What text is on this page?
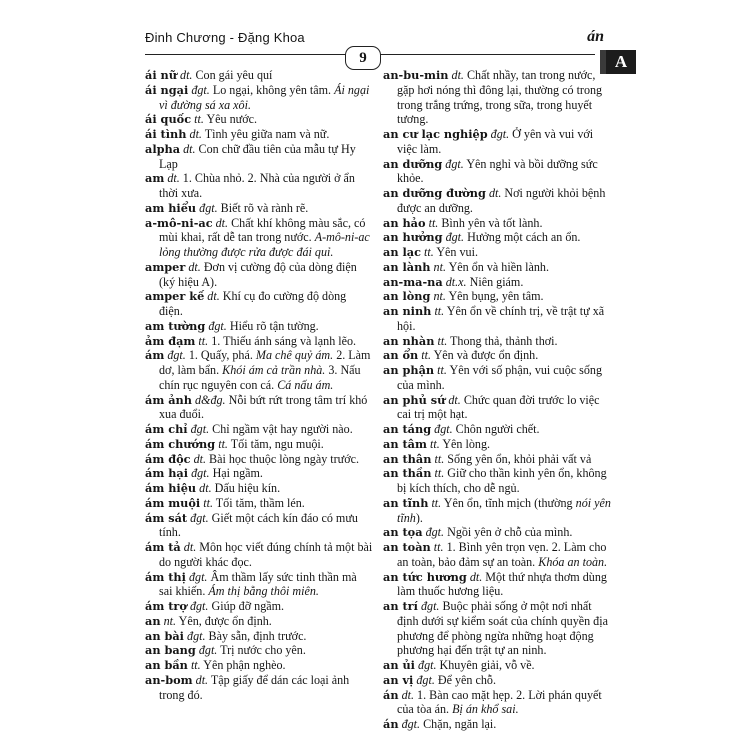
Đinh Chương - Đặng Khoa
9
án
A

ái nữ dt. Con gái yêu quí

ái ngại đgt. Lo ngại, không yên tâm. Ái ngại vì đường sá xa xôi.

ái quốc tt. Yêu nước.

ái tình dt. Tình yêu giữa nam và nữ.

alpha dt. Con chữ đầu tiên của mẫu tự Hy Lạp

am dt. 1. Chùa nhỏ. 2. Nhà của người ở ẩn thời xưa.

am hiểu đgt. Biết rõ và rành rẽ.

a-mô-ni-ac dt. Chất khí không màu sắc, có mùi khai, rất dễ tan trong nước. A-mô-ni-ac lỏng thường được rửa được đái quỉ.

amper dt. Đơn vị cường độ của dòng điện (ký hiệu A).

amper kế dt. Khí cụ đo cường độ dòng điện.

am tường đgt. Hiểu rõ tận tường.

ảm đạm tt. 1. Thiếu ánh sáng và lạnh lẽo.

ám đgt. 1. Quấy, phá. Ma chê quỷ ám. 2. Làm dơ, làm bẩn. Khói ám cả trần nhà. 3. Nấu chín rục nguyên con cá. Cá nấu ám.

ám ảnh d&đg. Nỗi bứt rứt trong tâm trí khó xua đuổi.

ám chỉ đgt. Chỉ ngầm vật hay người nào.

ám chướng tt. Tối tăm, ngu muội.

ám độc dt. Bài học thuộc lòng ngày trước.

ám hại đgt. Hại ngầm.

ám hiệu dt. Dấu hiệu kín.

ám muội tt. Tối tăm, thầm lén.

ám sát đgt. Giết một cách kín đáo có mưu tính.

ám tả dt. Môn học viết đúng chính tả một bài do người khác đọc.

ám thị đgt. Âm thầm lấy sức tinh thần mà sai khiến. Ám thị bằng thôi miên.

ám trợ đgt. Giúp đỡ ngầm.

an nt. Yên, được ổn định.

an bài đgt. Bày sẵn, định trước.

an bang đgt. Trị nước cho yên.

an bần tt. Yên phận nghèo.

an-bom dt. Tập giấy để dán các loại ảnh trong đó.

an-bu-min dt. Chất nhầy, tan trong nước, gặp hơi nóng thì đông lại, thường có trong trong trắng trứng, trong sữa, trong huyết tương.

an cư lạc nghiệp đgt. Ở yên và vui với việc làm.

an dưỡng đgt. Yên nghỉ và bồi dưỡng sức khỏe.

an dưỡng đường dt. Nơi người khỏi bệnh được an dưỡng.

an hảo tt. Bình yên và tốt lành.

an hưởng đgt. Hưởng một cách an ổn.

an lạc tt. Yên vui.

an lành nt. Yên ổn và hiền lành.

an-ma-na dt.x. Niên giám.

an lòng nt. Yên bụng, yên tâm.

an ninh tt. Yên ổn về chính trị, về trật tự xã hội.

an nhàn tt. Thong thả, thảnh thơi.

an ổn tt. Yên và được ổn định.

an phận tt. Yên với số phận, vui cuộc sống của mình.

an phủ sứ dt. Chức quan đời trước lo việc cai trị một hạt.

an táng đgt. Chôn người chết.

an tâm tt. Yên lòng.

an thân tt. Sống yên ổn, khỏi phải vất vả

an thần tt. Giữ cho thần kinh yên ổn, không bị kích thích, cho dễ ngủ.

an tĩnh tt. Yên ổn, tĩnh mịch (thường nói yên tĩnh).

an tọa đgt. Ngồi yên ở chỗ của mình.

an toàn tt. 1. Bình yên trọn vẹn. 2. Làm cho an toàn, bảo đảm sự an toàn. Khóa an toàn.

an tức hương dt. Một thứ nhựa thơm dùng làm thuốc hương liệu.

an trí đgt. Buộc phải sống ở một nơi nhất định dưới sự kiểm soát của chính quyền địa phương để phòng ngừa những hoạt động phương hại đến trật tự an ninh.

an ủi đgt. Khuyên giải, vỗ về.

an vị đgt. Để yên chỗ.

án dt. 1. Bàn cao mặt hẹp. 2. Lời phán quyết của tòa án. Bị án khổ sai.

án đgt. Chặn, ngăn lại.
